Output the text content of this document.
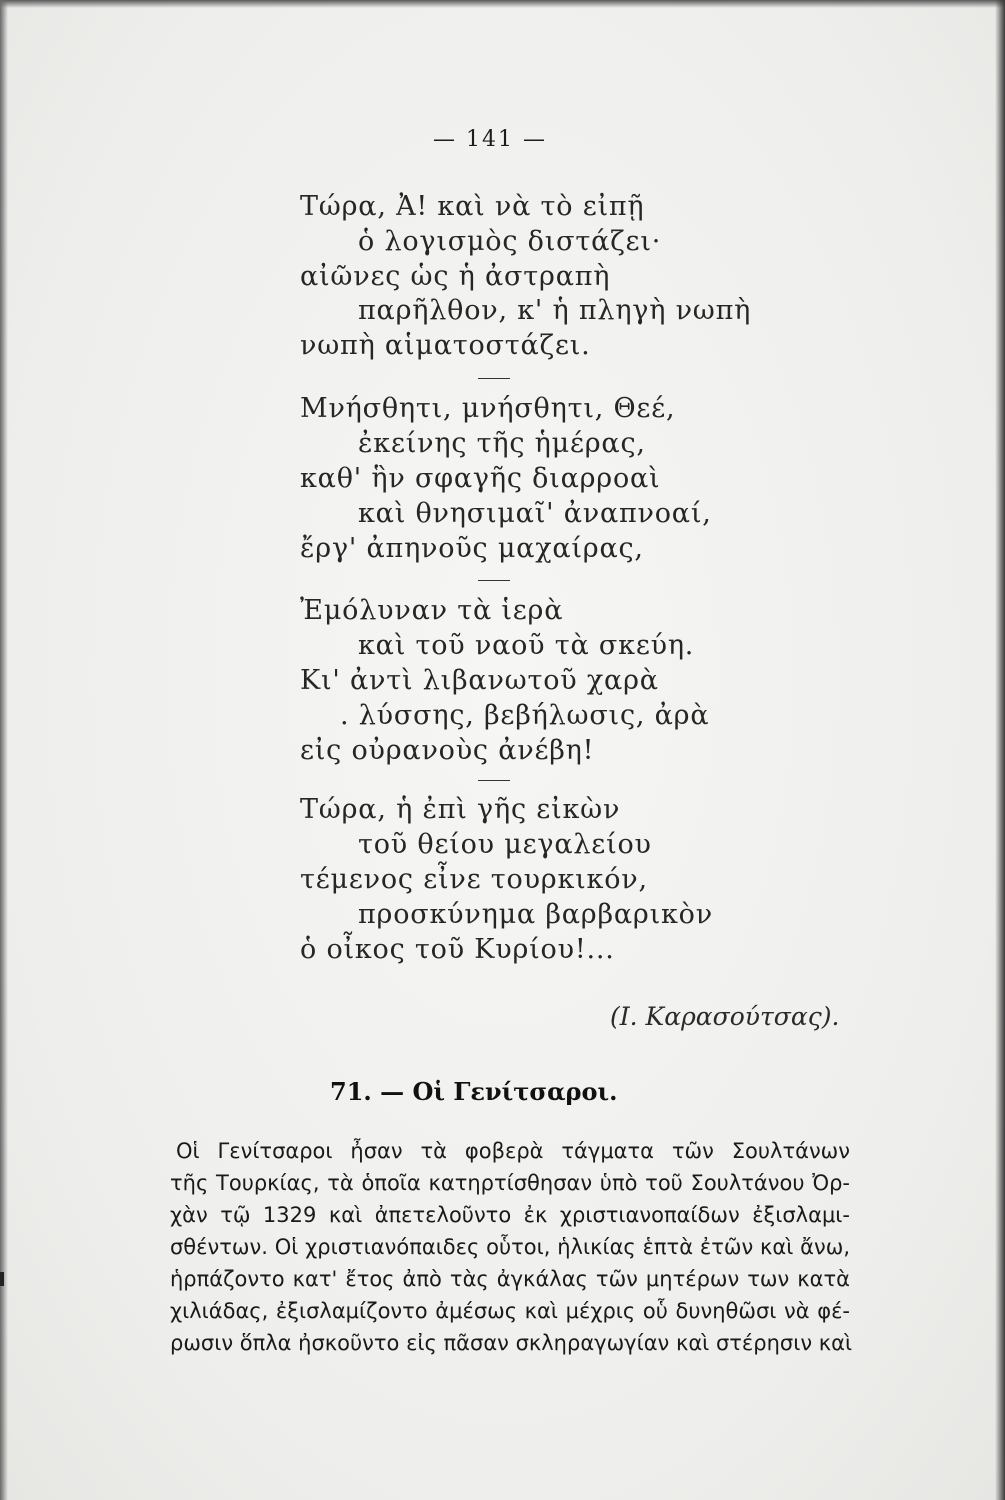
— 141 —
Τώρα, Ἀ! καὶ νὰ τὸ εἰπῇ
ὁ λογισμὸς διστάζει·
αἰῶνες ὡς ἡ ἀστραπὴ
παρῆλθον, κ' ἡ πληγὴ νωπὴ
νωπὴ αἱματοστάζει.
Μνήσθητι, μνήσθητι, Θεέ,
ἐκείνης τῆς ἡμέρας,
καθ' ἣν σφαγῆς διαρροαὶ
καὶ θνησιμαῖ' ἀναπνοαί,
ἔργ' ἀπηνοῦς μαχαίρας,
Ἐμόλυναν τὰ ἱερὰ
καὶ τοῦ ναοῦ τὰ σκεύη.
Κι' ἀντὶ λιβανωτοῦ χαρὰ
. λύσσης, βεβήλωσις, ἀρὰ
εἰς οὐρανοὺς ἀνέβη!
Τώρα, ἡ ἐπὶ γῆς εἰκὼν
τοῦ θείου μεγαλείου
τέμενος εἶνε τουρκικόν,
προσκύνημα βαρβαρικὸν
ὁ οἶκος τοῦ Κυρίου!...
(Ι. Καρασούτσας).
71. — Οἱ Γενίτσαροι.
Οἱ Γενίτσαροι ἦσαν τὰ φοβερὰ τάγματα τῶν Σουλτάνων
τῆς Τουρκίας, τὰ ὁποῖα κατηρτίσθησαν ὑπὸ τοῦ Σουλτάνου Ὀρ-
χὰν τῷ 1329 καὶ ἀπετελοῦντο ἐκ χριστιανοπαίδων ἐξισλαμι-
σθέντων. Οἱ χριστιανόπαιδες οὗτοι, ἡλικίας ἑπτὰ ἐτῶν καὶ ἄνω,
ἡρπάζοντο κατ' ἔτος ἀπὸ τὰς ἀγκάλας τῶν μητέρων των κατὰ
χιλιάδας, ἐξισλαμίζοντο ἀμέσως καὶ μέχρις οὗ δυνηθῶσι νὰ φέ-
ρωσιν ὅπλα ἠσκοῦντο εἰς πᾶσαν σκληραγωγίαν καὶ στέρησιν καὶ
